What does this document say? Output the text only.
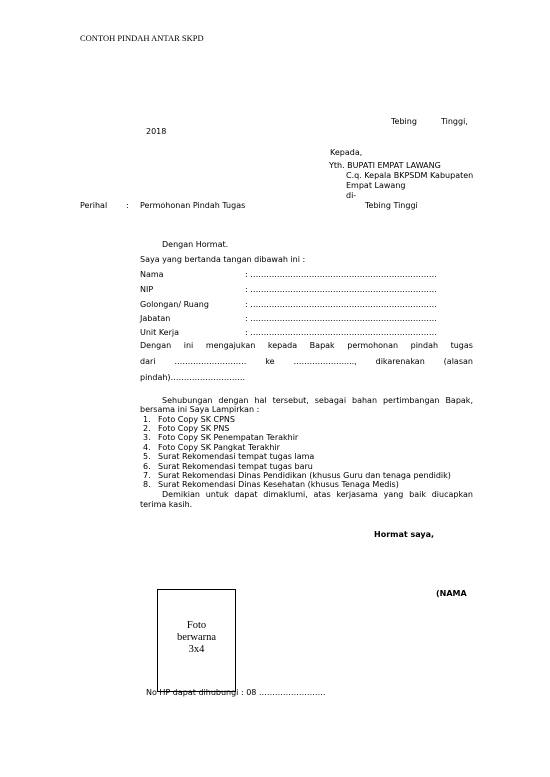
CONTOH PINDAH ANTAR SKPD
Tebing	Tinggi,
2018
Kepada,
Yth. BUPATI EMPAT LAWANG
C.q. Kepala BKPSDM Kabupaten
Empat Lawang
di-
Tebing Tinggi
Perihal : Permohonan Pindah Tugas
Dengan Hormat.
Saya yang bertanda tangan dibawah ini :
Nama	: …………………………………………………………….
NIP	: …………………………………………………………….
Golongan/ Ruang	: …………………………………………………………….
Jabatan	: …………………………………………………………….
Unit Kerja	: …………………………………………………………….
Dengan ini mengajukan kepada Bapak permohonan pindah tugas
dari ……………………… ke ………………....., dikarenakan (alasan
pindah)……………………….
Sehubungan dengan hal tersebut, sebagai bahan pertimbangan Bapak,
bersama ini Saya Lampirkan :
1. Foto Copy SK CPNS
2. Foto Copy SK PNS
3. Foto Copy SK Penempatan Terakhir
4. Foto Copy SK Pangkat Terakhir
5. Surat Rekomendasi tempat tugas lama
6. Surat Rekomendasi tempat tugas baru
7. Surat Rekomendasi Dinas Pendidikan (khusus Guru dan tenaga pendidik)
8. Surat Rekomendasi Dinas Kesehatan (khusus Tenaga Medis)
Demikian untuk dapat dimaklumi, atas kerjasama yang baik diucapkan
terima kasih.
Hormat saya,
(NAMA
Foto
berwarna
3x4
No HP dapat dihubungi : 08 …………………….
